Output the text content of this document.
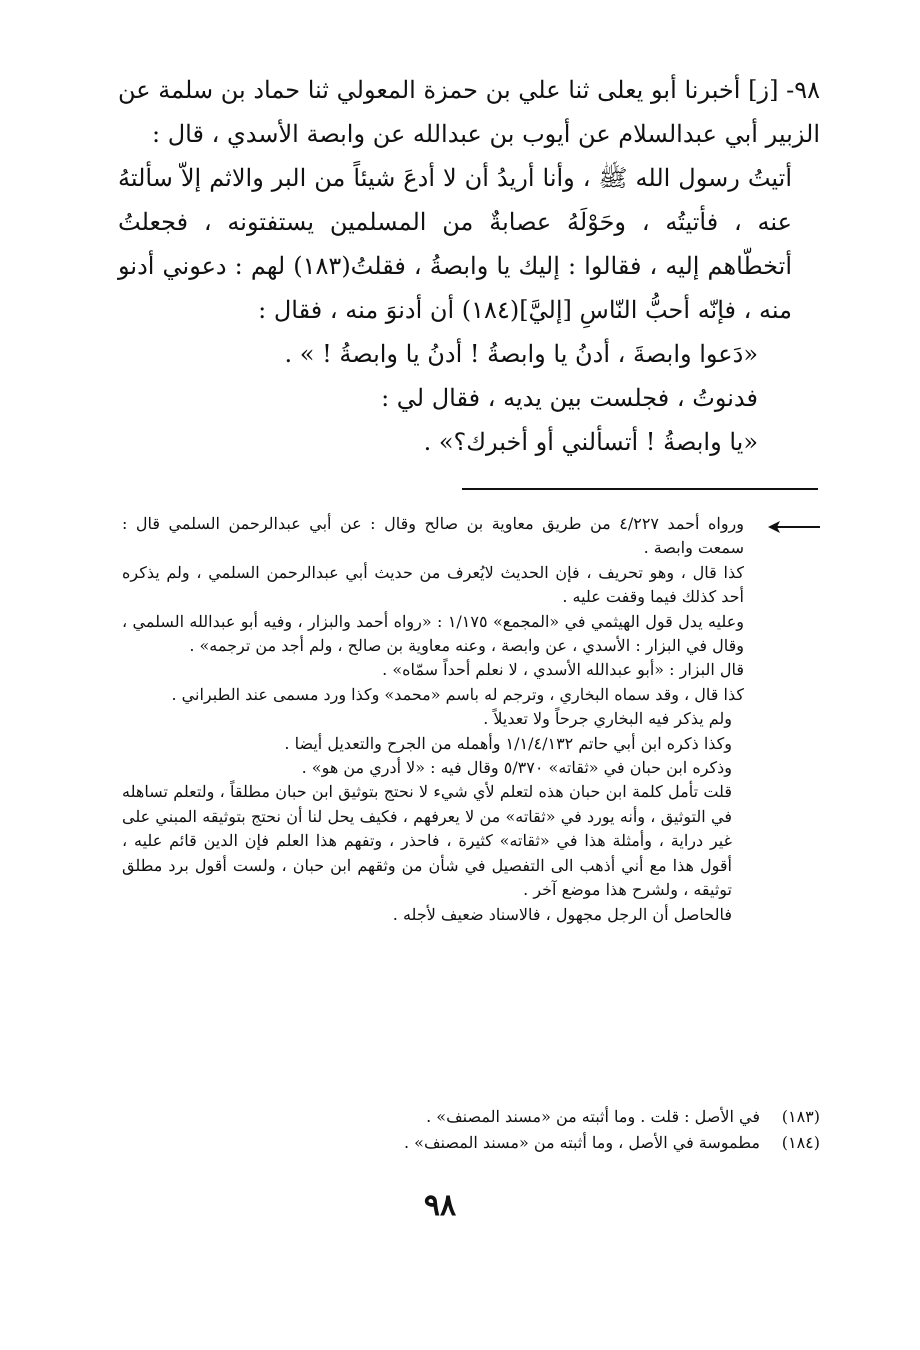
٩٨- [ز] أخبرنا أبو يعلى ثنا علي بن حمزة المعولي ثنا حماد بن سلمة عن الزبير أبي عبدالسلام عن أيوب بن عبدالله عن وابصة الأسدي ، قال :

أتيتُ رسول الله ﷺ ، وأنا أريدُ أن لا أدعَ شيئاً من البر والاثم إلاّ سألتهُ عنه ، فأتيتُه ، وحَوْلَهُ عصابةٌ من المسلمين يستفتونه ، فجعلتُ أتخطّاهم إليه ، فقالوا : إليك يا وابصةُ ، فقلتُ(١٨٣) لهم : دعوني أدنو منه ، فإنّه أحبُّ النّاسِ [إليَّ](١٨٤) أن أدنوَ منه ، فقال :

«دَعوا وابصةَ ، أدنُ يا وابصةُ ! أدنُ يا وابصةُ ! » .

فدنوتُ ، فجلست بين يديه ، فقال لي :

«يا وابصةُ ! أتسألني أو أخبرك؟» .

ورواه أحمد ٤/٢٢٧ من طريق معاوية بن صالح وقال : عن أبي عبدالرحمن السلمي قال : سمعت وابصة .

كذا قال ، وهو تحريف ، فإن الحديث لايُعرف من حديث أبي عبدالرحمن السلمي ، ولم يذكره أحد كذلك فيما وقفت عليه .

وعليه يدل قول الهيثمي في «المجمع» ١/١٧٥ : «رواه أحمد والبزار ، وفيه أبو عبدالله السلمي ، وقال في البزار : الأسدي ، عن وابصة ، وعنه معاوية بن صالح ، ولم أجد من ترجمه» .

قال البزار : «أبو عبدالله الأسدي ، لا نعلم أحداً سمّاه» .

كذا قال ، وقد سماه البخاري ، وترجم له باسم «محمد» وكذا ورد مسمى عند الطبراني .

ولم يذكر فيه البخاري جرحاً ولا تعديلاً .

وكذا ذكره ابن أبي حاتم ١/١/٤/١٣٢ وأهمله من الجرح والتعديل أيضا .

وذكره ابن حبان في «ثقاته» ٥/٣٧٠ وقال فيه : «لا أدري من هو» .

قلت تأمل كلمة ابن حبان هذه لتعلم لأي شيء لا نحتج بتوثيق ابن حبان مطلقاً ، ولتعلم تساهله في التوثيق ، وأنه يورد في «ثقاته» من لا يعرفهم ، فكيف يحل لنا أن نحتج بتوثيقه المبني على غير دراية ، وأمثلة هذا في «ثقاته» كثيرة ، فاحذر ، وتفهم هذا العلم فإن الدين قائم عليه ، أقول هذا مع أني أذهب الى التفصيل في شأن من وثقهم ابن حبان ، ولست أقول برد مطلق توثيقه ، ولشرح هذا موضع آخر .

فالحاصل أن الرجل مجهول ، فالاسناد ضعيف لأجله .

(١٨٣)
في الأصل : قلت . وما أثبته من «مسند المصنف» .
(١٨٤)
مطموسة في الأصل ، وما أثبته من «مسند المصنف» .
٩٨
